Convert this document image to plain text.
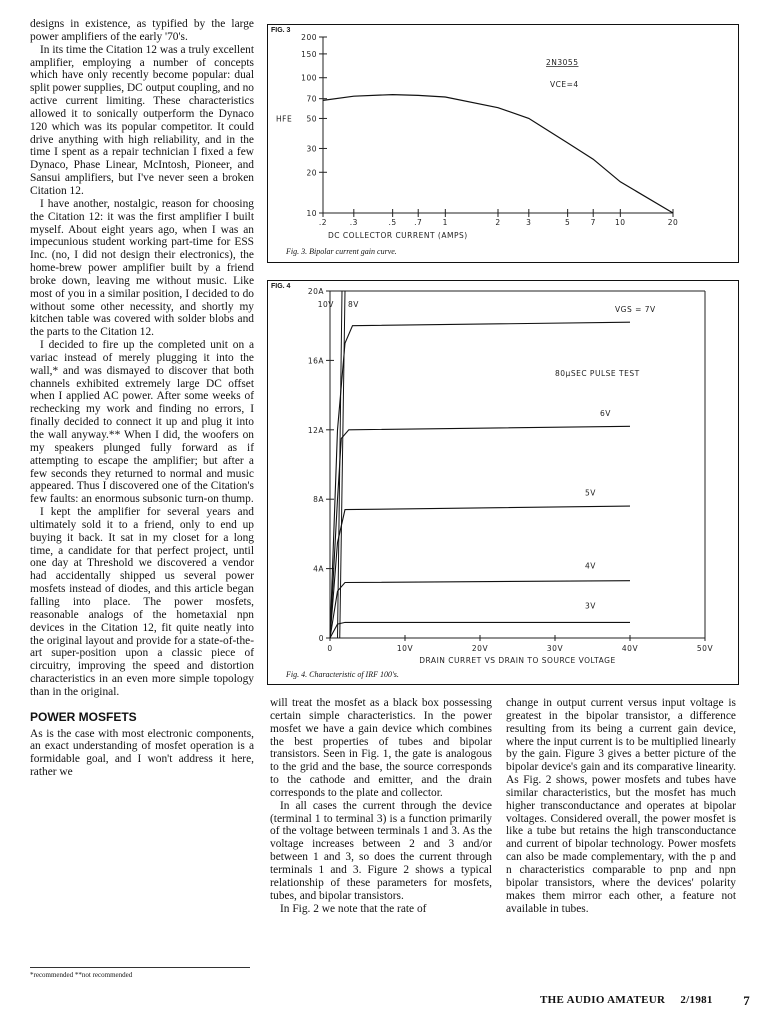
designs in existence, as typified by the large power amplifiers of the early '70's.

In its time the Citation 12 was a truly excellent amplifier, employing a number of concepts which have only recently become popular: dual split power supplies, DC output coupling, and no active current limiting. These characteristics allowed it to sonically outperform the Dynaco 120 which was its popular competitor. It could drive anything with high reliability, and in the time I spent as a repair technician I fixed a few Dynaco, Phase Linear, McIntosh, Pioneer, and Sansui amplifiers, but I've never seen a broken Citation 12.

I have another, nostalgic, reason for choosing the Citation 12: it was the first amplifier I built myself. About eight years ago, when I was an impecunious student working part-time for ESS Inc. (no, I did not design their electronics), the home-brew power amplifier built by a friend broke down, leaving me without music. Like most of you in a similar position, I decided to do without some other necessity, and shortly my kitchen table was covered with solder blobs and the parts to the Citation 12.

I decided to fire up the completed unit on a variac instead of merely plugging it into the wall,* and was dismayed to discover that both channels exhibited extremely large DC offset when I applied AC power. After some weeks of rechecking my work and finding no errors, I finally decided to connect it up and plug it into the wall anyway.** When I did, the woofers on my speakers plunged fully forward as if attempting to escape the amplifier; but after a few seconds they returned to normal and music appeared. Thus I discovered one of the Citation's few faults: an enormous subsonic turn-on thump.

I kept the amplifier for several years and ultimately sold it to a friend, only to end up buying it back. It sat in my closet for a long time, a candidate for that perfect project, until one day at Threshold we discovered a vendor had accidentally shipped us several power mosfets instead of diodes, and this article began falling into place. The power mosfets, reasonable analogs of the hometaxial npn devices in the Citation 12, fit quite neatly into the original layout and provide for a state-of-the-art super-position upon a classic piece of circuitry, improving the speed and distortion characteristics in an even more simple topology than in the original.

POWER MOSFETS

As is the case with most electronic components, an exact understanding of mosfet operation is a formidable goal, and I won't address it here, rather we

*recommended **not recommended
200
150
100
70
50
30
20
10
HFE
.2	.3	.5 .7	1	2	3	5	7	10	20
DC COLLECTOR CURRENT (AMPS)
2N3055
VCE=4
FIG. 3
Fig. 3. Bipolar current gain curve.
20A
16A
12A
8A
4A
0
0	10V	20V	30V	40V	50V
DRAIN CURRET VS DRAIN TO SOURCE VOLTAGE
10V 8V
VGS = 7V
6V
5V
4V
3V
80μSEC PULSE TEST
FIG. 4
Fig. 4. Characteristic of IRF 100's.

will treat the mosfet as a black box possessing certain simple characteristics. In the power mosfet we have a gain device which combines the best properties of tubes and bipolar transistors. Seen in Fig. 1, the gate is analogous to the grid and the base, the source corresponds to the cathode and emitter, and the drain corresponds to the plate and collector.

In all cases the current through the device (terminal 1 to terminal 3) is a function primarily of the voltage between terminals 1 and 3. As the voltage increases between 2 and 3 and/or between 1 and 3, so does the current through terminals 1 and 3. Figure 2 shows a typical relationship of these parameters for mosfets, tubes, and bipolar transistors.

In Fig. 2 we note that the rate of

change in output current versus input voltage is greatest in the bipolar transistor, a difference resulting from its being a current gain device, where the input current is to be multiplied linearly by the gain. Figure 3 gives a better picture of the bipolar device's gain and its comparative linearity. As Fig. 2 shows, power mosfets and tubes have similar characteristics, but the mosfet has much higher transconductance and operates at bipolar voltages. Considered overall, the power mosfet is like a tube but retains the high transconductance and current of bipolar technology. Power mosfets can also be made complementary, with the p and n characteristics comparable to pnp and npn bipolar transistors, where the devices' polarity makes them mirror each other, a feature not available in tubes.

THE AUDIO AMATEUR 2/1981 7
